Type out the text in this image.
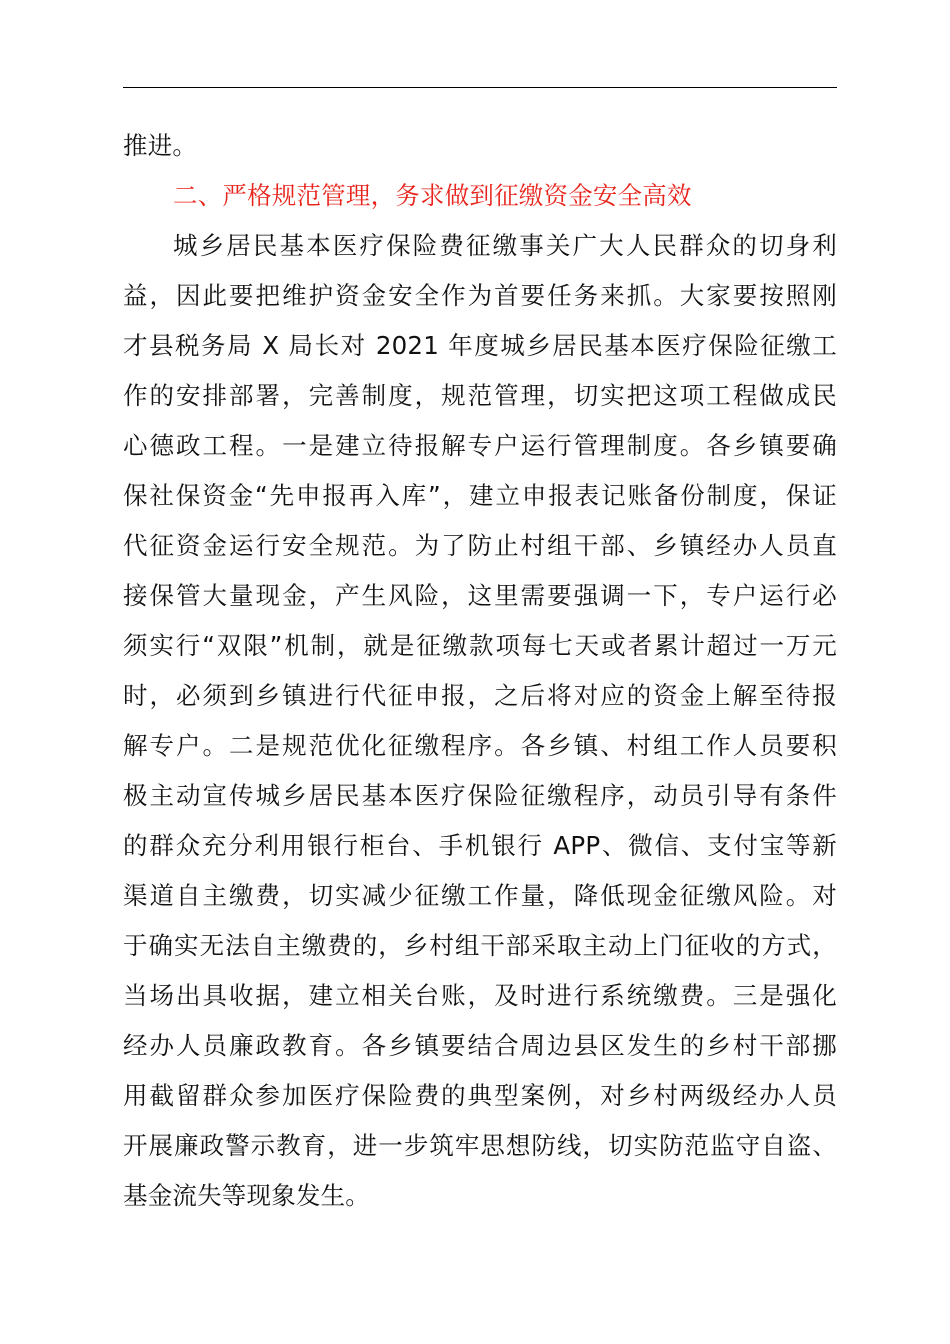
推进。
二、严格规范管理，务求做到征缴资金安全高效
城乡居民基本医疗保险费征缴事关广大人民群众的切身利
益，因此要把维护资金安全作为首要任务来抓。大家要按照刚
才县税务局 X 局长对 2021 年度城乡居民基本医疗保险征缴工
作的安排部署，完善制度，规范管理，切实把这项工程做成民
心德政工程。一是建立待报解专户运行管理制度。各乡镇要确
保社保资金“先申报再入库”，建立申报表记账备份制度，保证
代征资金运行安全规范。为了防止村组干部、乡镇经办人员直
接保管大量现金，产生风险，这里需要强调一下，专户运行必
须实行“双限”机制，就是征缴款项每七天或者累计超过一万元
时，必须到乡镇进行代征申报，之后将对应的资金上解至待报
解专户。二是规范优化征缴程序。各乡镇、村组工作人员要积
极主动宣传城乡居民基本医疗保险征缴程序，动员引导有条件
的群众充分利用银行柜台、手机银行 APP、微信、支付宝等新
渠道自主缴费，切实减少征缴工作量，降低现金征缴风险。对
于确实无法自主缴费的，乡村组干部采取主动上门征收的方式，
当场出具收据，建立相关台账，及时进行系统缴费。三是强化
经办人员廉政教育。各乡镇要结合周边县区发生的乡村干部挪
用截留群众参加医疗保险费的典型案例，对乡村两级经办人员
开展廉政警示教育，进一步筑牢思想防线，切实防范监守自盗、
基金流失等现象发生。
